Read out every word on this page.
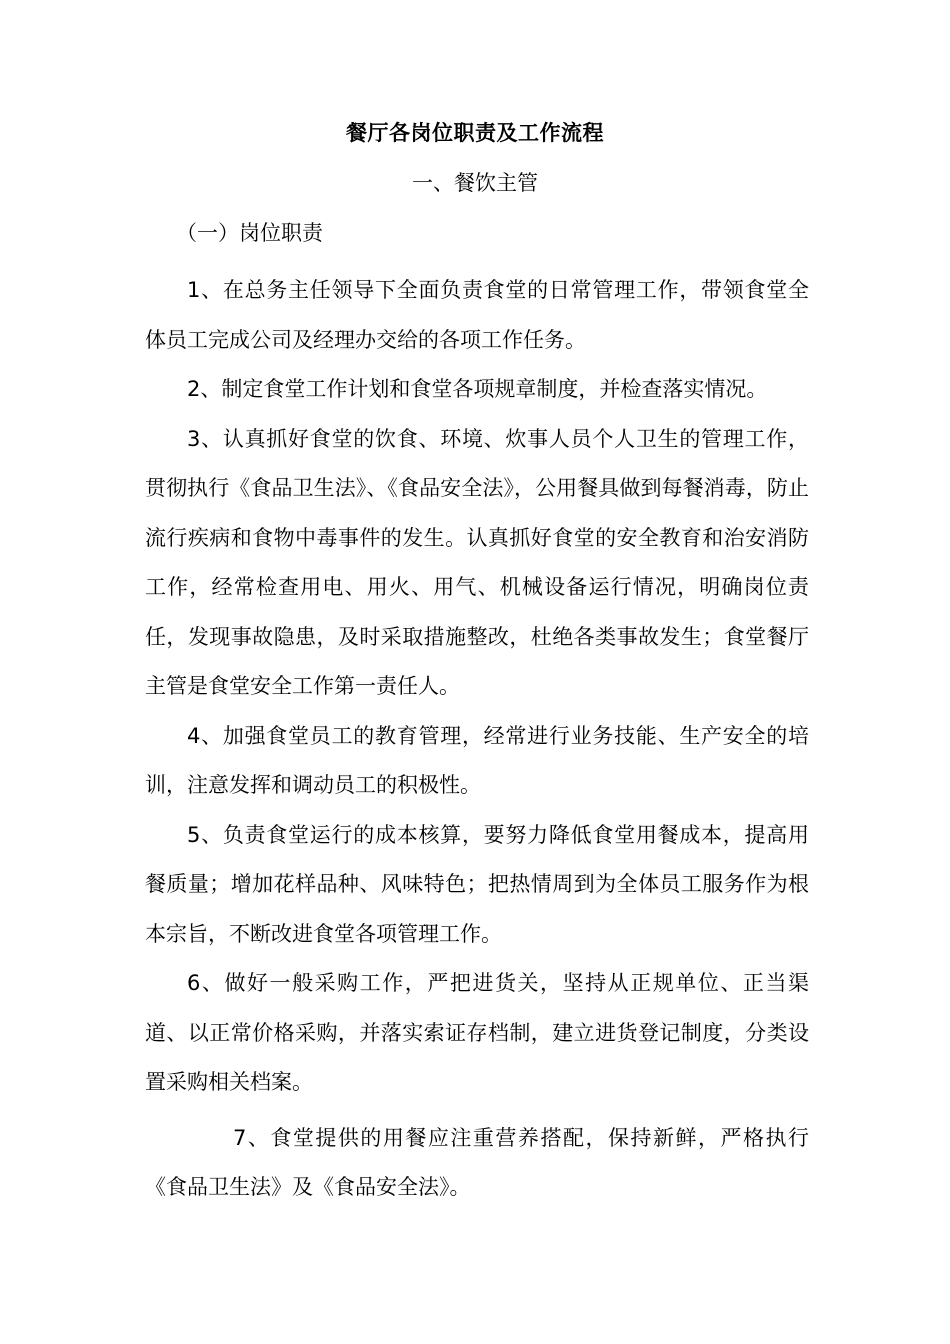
餐厅各岗位职责及工作流程
一、餐饮主管
（一）岗位职责

1、在总务主任领导下全面负责食堂的日常管理工作，带领食堂全体员工完成公司及经理办交给的各项工作任务。

2、制定食堂工作计划和食堂各项规章制度，并检查落实情况。

3、认真抓好食堂的饮食、环境、炊事人员个人卫生的管理工作，贯彻执行《食品卫生法》、《食品安全法》，公用餐具做到每餐消毒，防止流行疾病和食物中毒事件的发生。认真抓好食堂的安全教育和治安消防工作，经常检查用电、用火、用气、机械设备运行情况，明确岗位责任，发现事故隐患，及时采取措施整改，杜绝各类事故发生；食堂餐厅主管是食堂安全工作第一责任人。

4、加强食堂员工的教育管理，经常进行业务技能、生产安全的培训，注意发挥和调动员工的积极性。

5、负责食堂运行的成本核算，要努力降低食堂用餐成本，提高用餐质量；增加花样品种、风味特色；把热情周到为全体员工服务作为根本宗旨，不断改进食堂各项管理工作。

6、做好一般采购工作，严把进货关，坚持从正规单位、正当渠道、以正常价格采购，并落实索证存档制，建立进货登记制度，分类设置采购相关档案。

7、食堂提供的用餐应注重营养搭配，保持新鲜，严格执行《食品卫生法》及《食品安全法》。
